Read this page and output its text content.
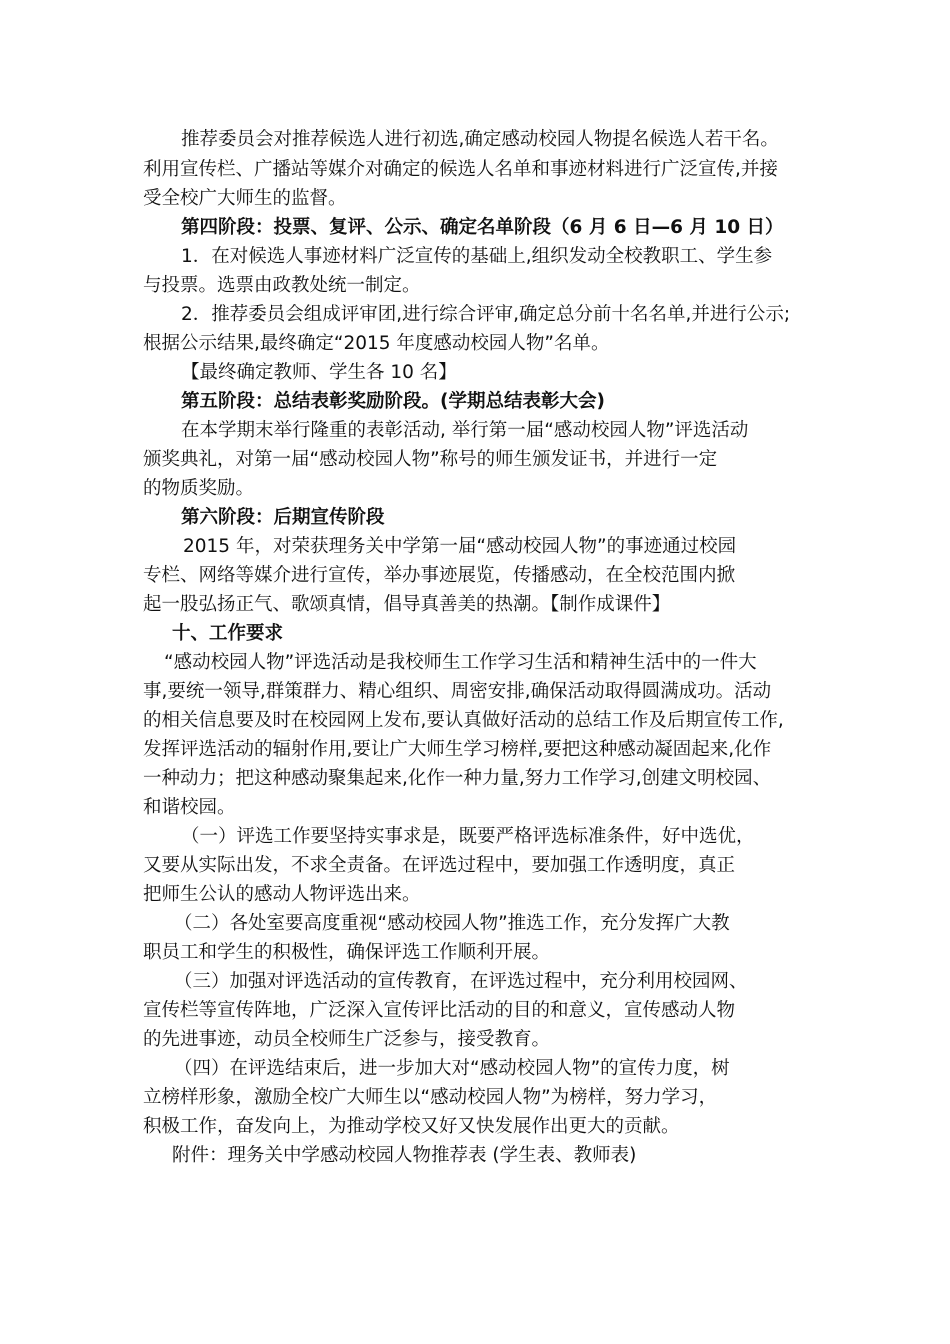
推荐委员会对推荐候选人进行初选,确定感动校园人物提名候选人若干名。
利用宣传栏、广播站等媒介对确定的候选人名单和事迹材料进行广泛宣传,并接
受全校广大师生的监督。
第四阶段：投票、复评、公示、确定名单阶段（6 月 6 日—6 月 10 日）
1．在对候选人事迹材料广泛宣传的基础上,组织发动全校教职工、学生参
与投票。选票由政教处统一制定。
2．推荐委员会组成评审团,进行综合评审,确定总分前十名名单,并进行公示;
根据公示结果,最终确定“2015 年度感动校园人物”名单。
【最终确定教师、学生各 10 名】
第五阶段：总结表彰奖励阶段。(学期总结表彰大会)
在本学期末举行隆重的表彰活动, 举行第一届“感动校园人物”评选活动
颁奖典礼，对第一届“感动校园人物”称号的师生颁发证书，并进行一定
的物质奖励。
第六阶段：后期宣传阶段
2015 年，对荣获理务关中学第一届“感动校园人物”的事迹通过校园
专栏、网络等媒介进行宣传，举办事迹展览，传播感动，在全校范围内掀
起一股弘扬正气、歌颂真情，倡导真善美的热潮。【制作成课件】
十、工作要求
“感动校园人物”评选活动是我校师生工作学习生活和精神生活中的一件大
事,要统一领导,群策群力、精心组织、周密安排,确保活动取得圆满成功。活动
的相关信息要及时在校园网上发布,要认真做好活动的总结工作及后期宣传工作,
发挥评选活动的辐射作用,要让广大师生学习榜样,要把这种感动凝固起来,化作
一种动力；把这种感动聚集起来,化作一种力量,努力工作学习,创建文明校园、
和谐校园。
（一）评选工作要坚持实事求是，既要严格评选标准条件，好中选优，
又要从实际出发，不求全责备。在评选过程中，要加强工作透明度，真正
把师生公认的感动人物评选出来。
（二）各处室要高度重视“感动校园人物”推选工作，充分发挥广大教
职员工和学生的积极性，确保评选工作顺利开展。
（三）加强对评选活动的宣传教育，在评选过程中，充分利用校园网、
宣传栏等宣传阵地，广泛深入宣传评比活动的目的和意义，宣传感动人物
的先进事迹，动员全校师生广泛参与，接受教育。
（四）在评选结束后，进一步加大对“感动校园人物”的宣传力度，树
立榜样形象，激励全校广大师生以“感动校园人物”为榜样，努力学习，
积极工作，奋发向上，为推动学校又好又快发展作出更大的贡献。
附件：理务关中学感动校园人物推荐表 (学生表、教师表)
